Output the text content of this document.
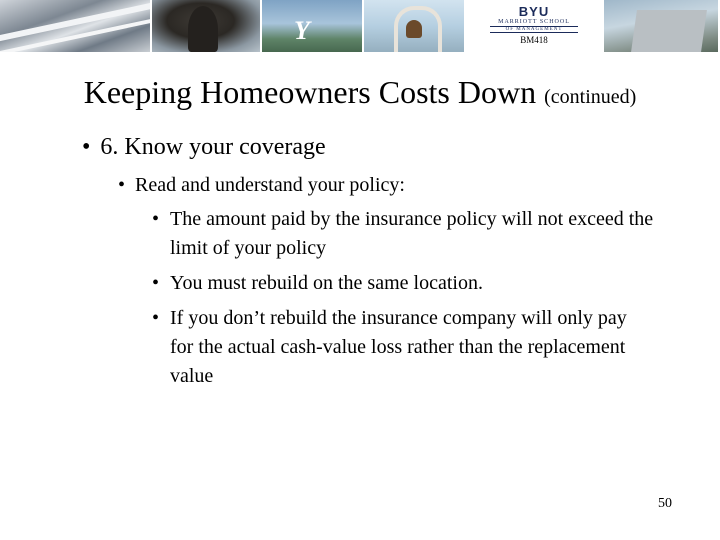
Y
BYU
MARRIOTT SCHOOL
OF MANAGEMENT
BM418
Keeping Homeowners Costs Down (continued)
• 6. Know your coverage
• Read and understand your policy:
• The amount paid by the insurance policy will not exceed the limit of your policy
• You must rebuild on the same location.
• If you don’t rebuild the insurance company will only pay for the actual cash-value loss rather than the replacement value
50
